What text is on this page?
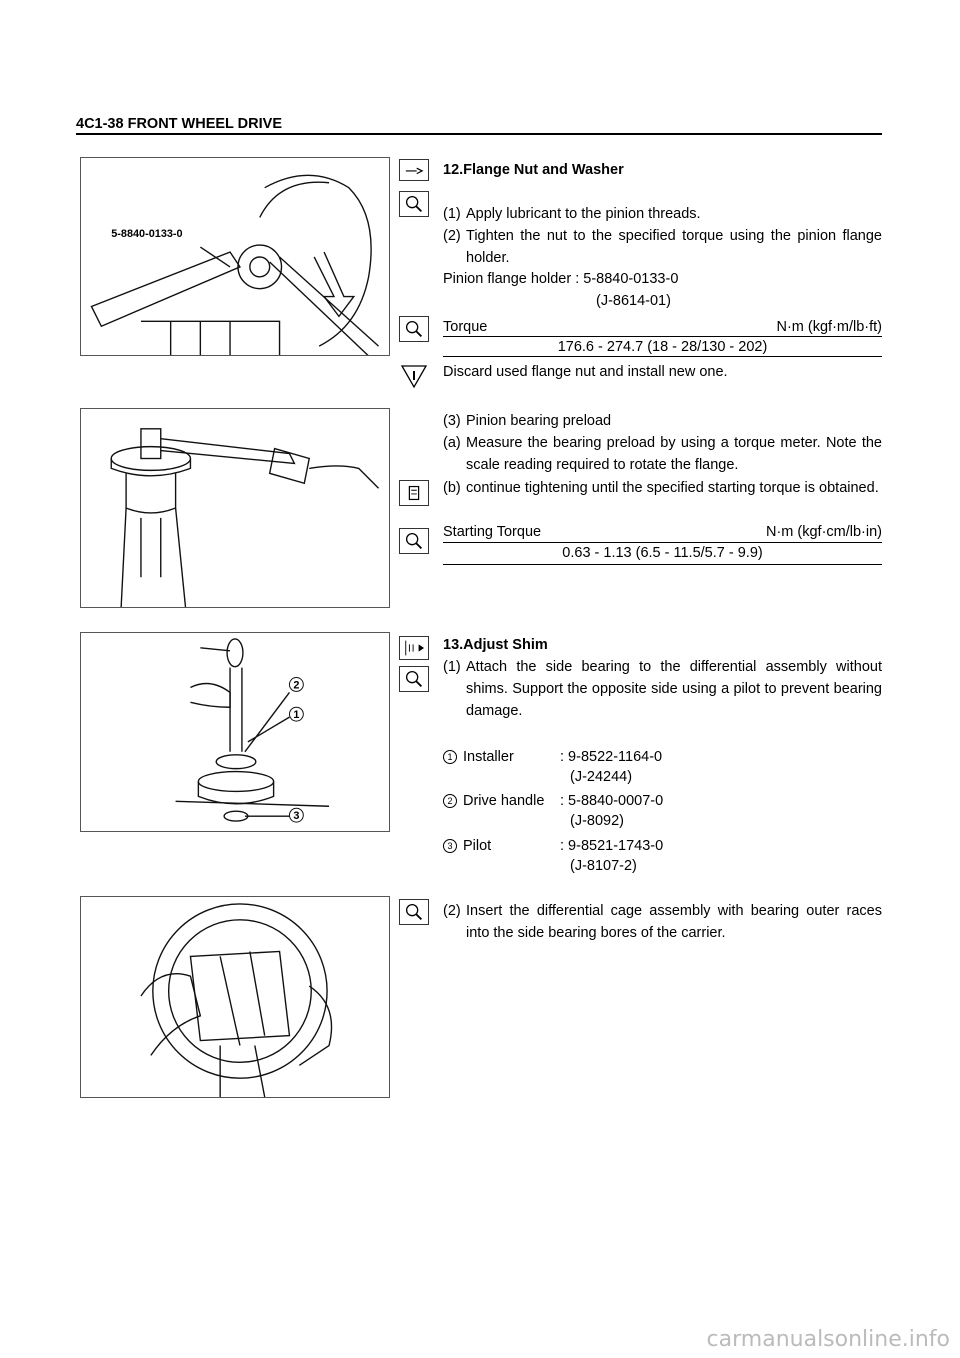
4C1-38 FRONT WHEEL DRIVE
5-8840-0133-0
2
1
3
12.Flange Nut and Washer
(1) Apply lubricant to the pinion threads.
(2) Tighten the nut to the specified torque using the pinion flange holder.
Pinion flange holder : 5-8840-0133-0
(J-8614-01)
Torque	N·m (kgf·m/lb·ft)
176.6 - 274.7 (18 - 28/130 - 202)
Discard used flange nut and install new one.
(3) Pinion bearing preload
(a) Measure the bearing preload by using a torque meter. Note the scale reading required to rotate the flange.
(b) continue tightening until the specified starting torque is obtained.
Starting Torque	N·m (kgf·cm/lb·in)
0.63 - 1.13 (6.5 - 11.5/5.7 - 9.9)
13.Adjust Shim
(1) Attach the side bearing to the differential assembly without shims. Support the opposite side using a pilot to prevent bearing damage.
1 Installer	: 9-8522-1164-0
(J-24244)
2 Drive handle : 5-8840-0007-0
(J-8092)
3 Pilot	: 9-8521-1743-0
(J-8107-2)
(2) Insert the differential cage assembly with bearing outer races into the side bearing bores of the carrier.
carmanualsonline.info
